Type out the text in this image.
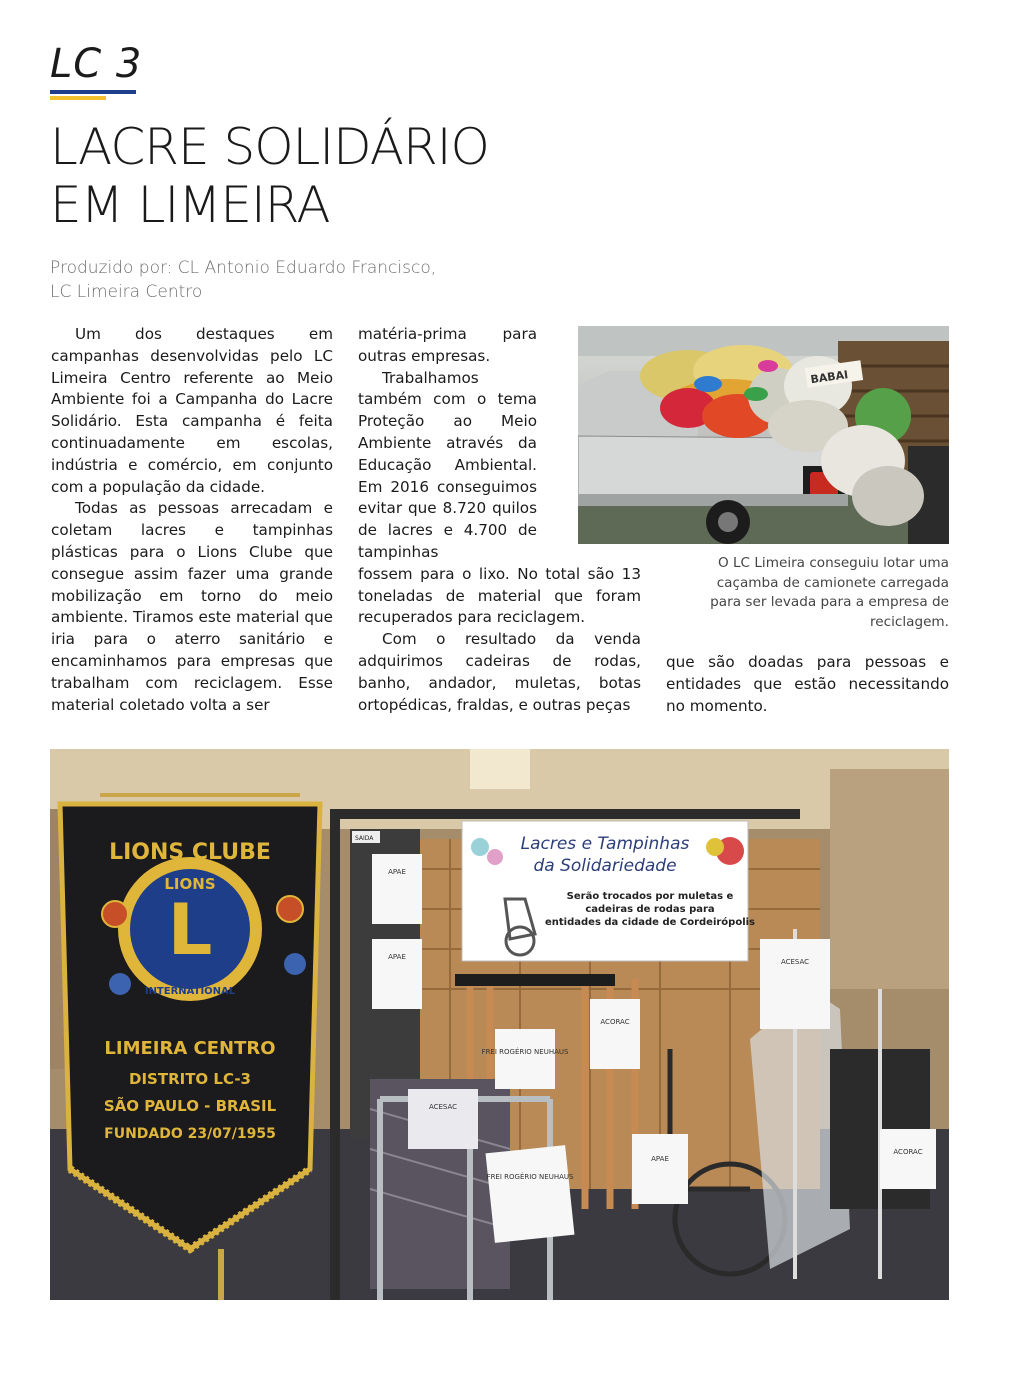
LC 3
LACRE SOLIDÁRIO
EM LIMEIRA
Produzido por: CL Antonio Eduardo Francisco,
LC Limeira Centro

Um dos destaques em campanhas desenvolvidas pelo LC Limeira Centro referente ao Meio Ambiente foi a Campanha do Lacre Solidário. Esta campanha é feita continuadamente em escolas, indústria e comércio, em conjunto com a população da cidade.

Todas as pessoas arrecadam e coletam lacres e tampinhas plásticas para o Lions Clube que consegue assim fazer uma grande mobilização em torno do meio ambiente. Tiramos este material que iria para o aterro sanitário e encaminhamos para empresas que trabalham com reciclagem. Esse material coletado volta a ser

matéria-prima para outras empresas.

Trabalhamos também com o tema Proteção ao Meio Ambiente através da Educação Ambiental. Em 2016 conseguimos evitar que 8.720 quilos de lacres e 4.700 de tampinhas

fossem para o lixo. No total são 13 toneladas de material que foram recuperados para reciclagem.

Com o resultado da venda adquirimos cadeiras de rodas, banho, andador, muletas, botas ortopédicas, fraldas, e outras peças

que são doadas para pessoas e entidades que estão necessitando no momento.

BABAI

O LC Limeira conseguiu lotar uma caçamba de camionete carregada para ser levada para a empresa de reciclagem.

SAIDA
L
LIONS
INTERNATIONAL
LIONS CLUBE
LIMEIRA CENTRO
DISTRITO LC-3
SÃO PAULO - BRASIL
FUNDADO 23/07/1955
Lacres e Tampinhas
da Solidariedade
Serão trocados por muletas e
cadeiras de rodas para
entidades da cidade de Cordeirópolis
APAE
APAE
ACORAC
FREI ROGÉRIO NEUHAUS
ACESAC
FREI ROGÉRIO NEUHAUS
APAE
ACESAC
ACORAC
